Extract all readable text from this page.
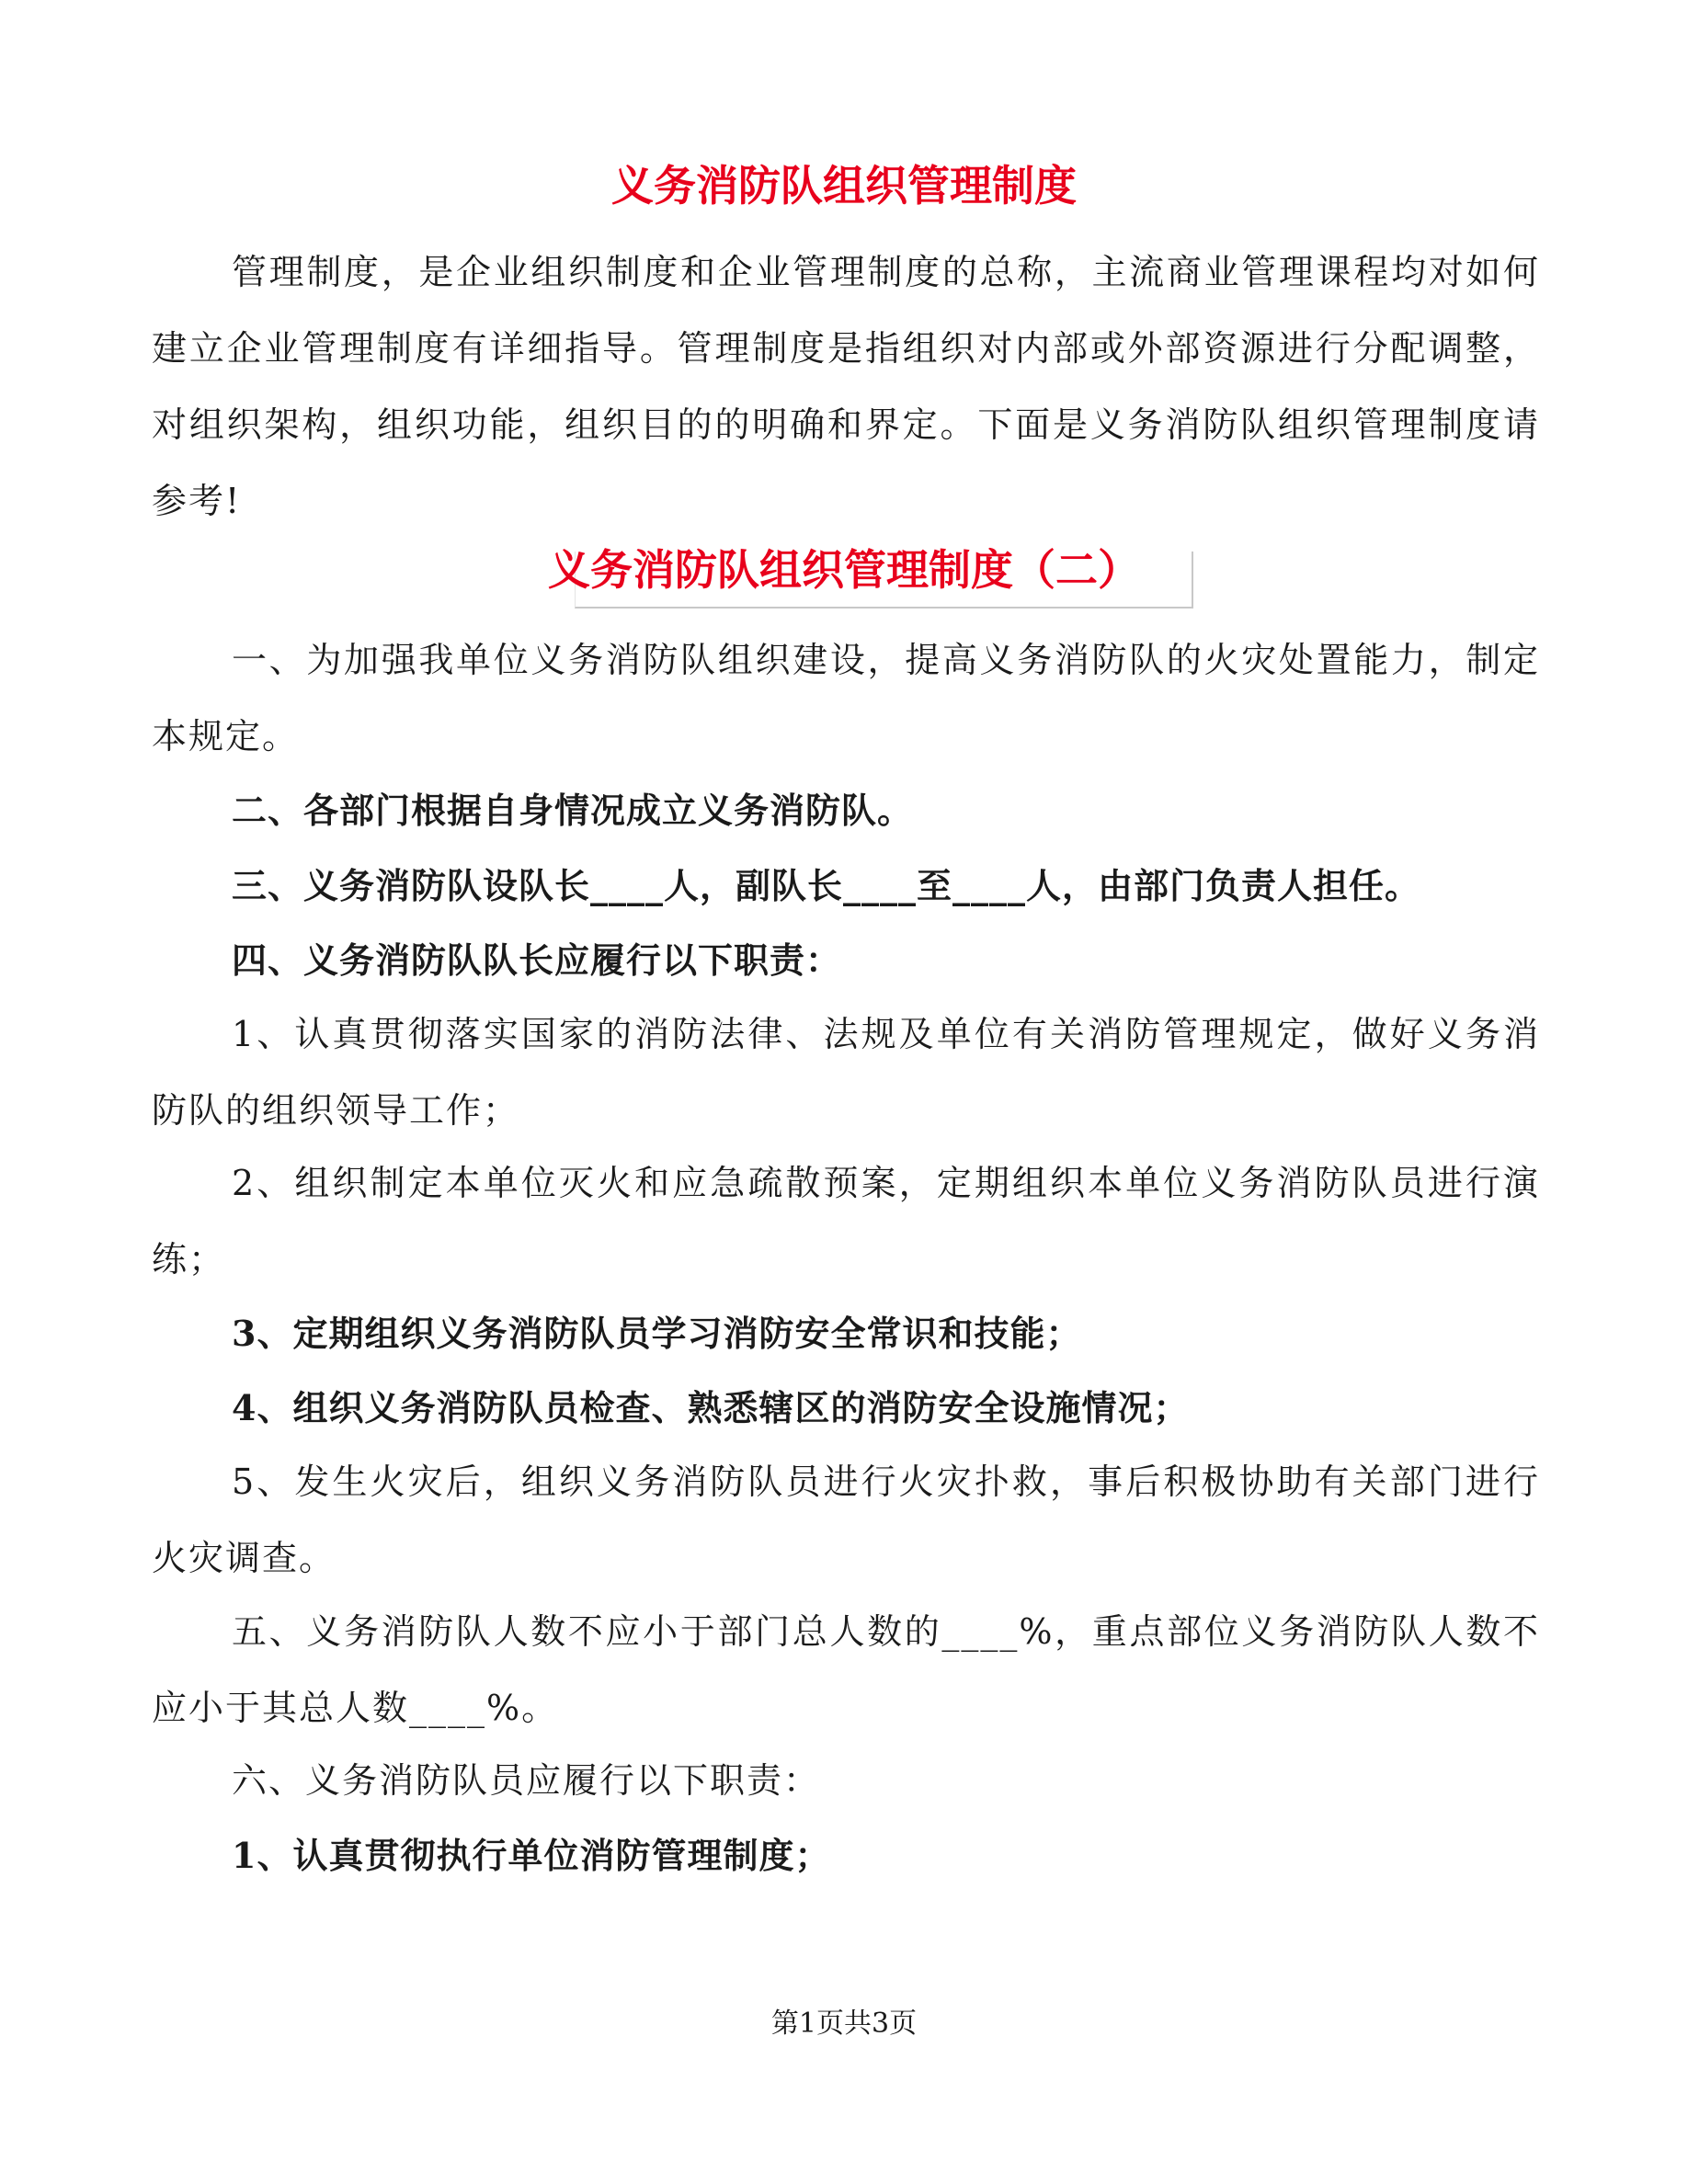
义务消防队组织管理制度
管理制度，是企业组织制度和企业管理制度的总称，主流商业管理课程均对如何建立企业管理制度有详细指导。管理制度是指组织对内部或外部资源进行分配调整，对组织架构，组织功能，组织目的的明确和界定。下面是义务消防队组织管理制度请参考!
义务消防队组织管理制度（二）
一、为加强我单位义务消防队组织建设，提高义务消防队的火灾处置能力，制定本规定。
二、各部门根据自身情况成立义务消防队。
三、义务消防队设队长____人，副队长____至____人，由部门负责人担任。
四、义务消防队队长应履行以下职责：
1、认真贯彻落实国家的消防法律、法规及单位有关消防管理规定，做好义务消防队的组织领导工作；
2、组织制定本单位灭火和应急疏散预案，定期组织本单位义务消防队员进行演练；
3、定期组织义务消防队员学习消防安全常识和技能；
4、组织义务消防队员检查、熟悉辖区的消防安全设施情况；
5、发生火灾后，组织义务消防队员进行火灾扑救，事后积极协助有关部门进行火灾调查。
五、义务消防队人数不应小于部门总人数的____%，重点部位义务消防队人数不应小于其总人数____%。
六、义务消防队员应履行以下职责：
1、认真贯彻执行单位消防管理制度；
第1页共3页
